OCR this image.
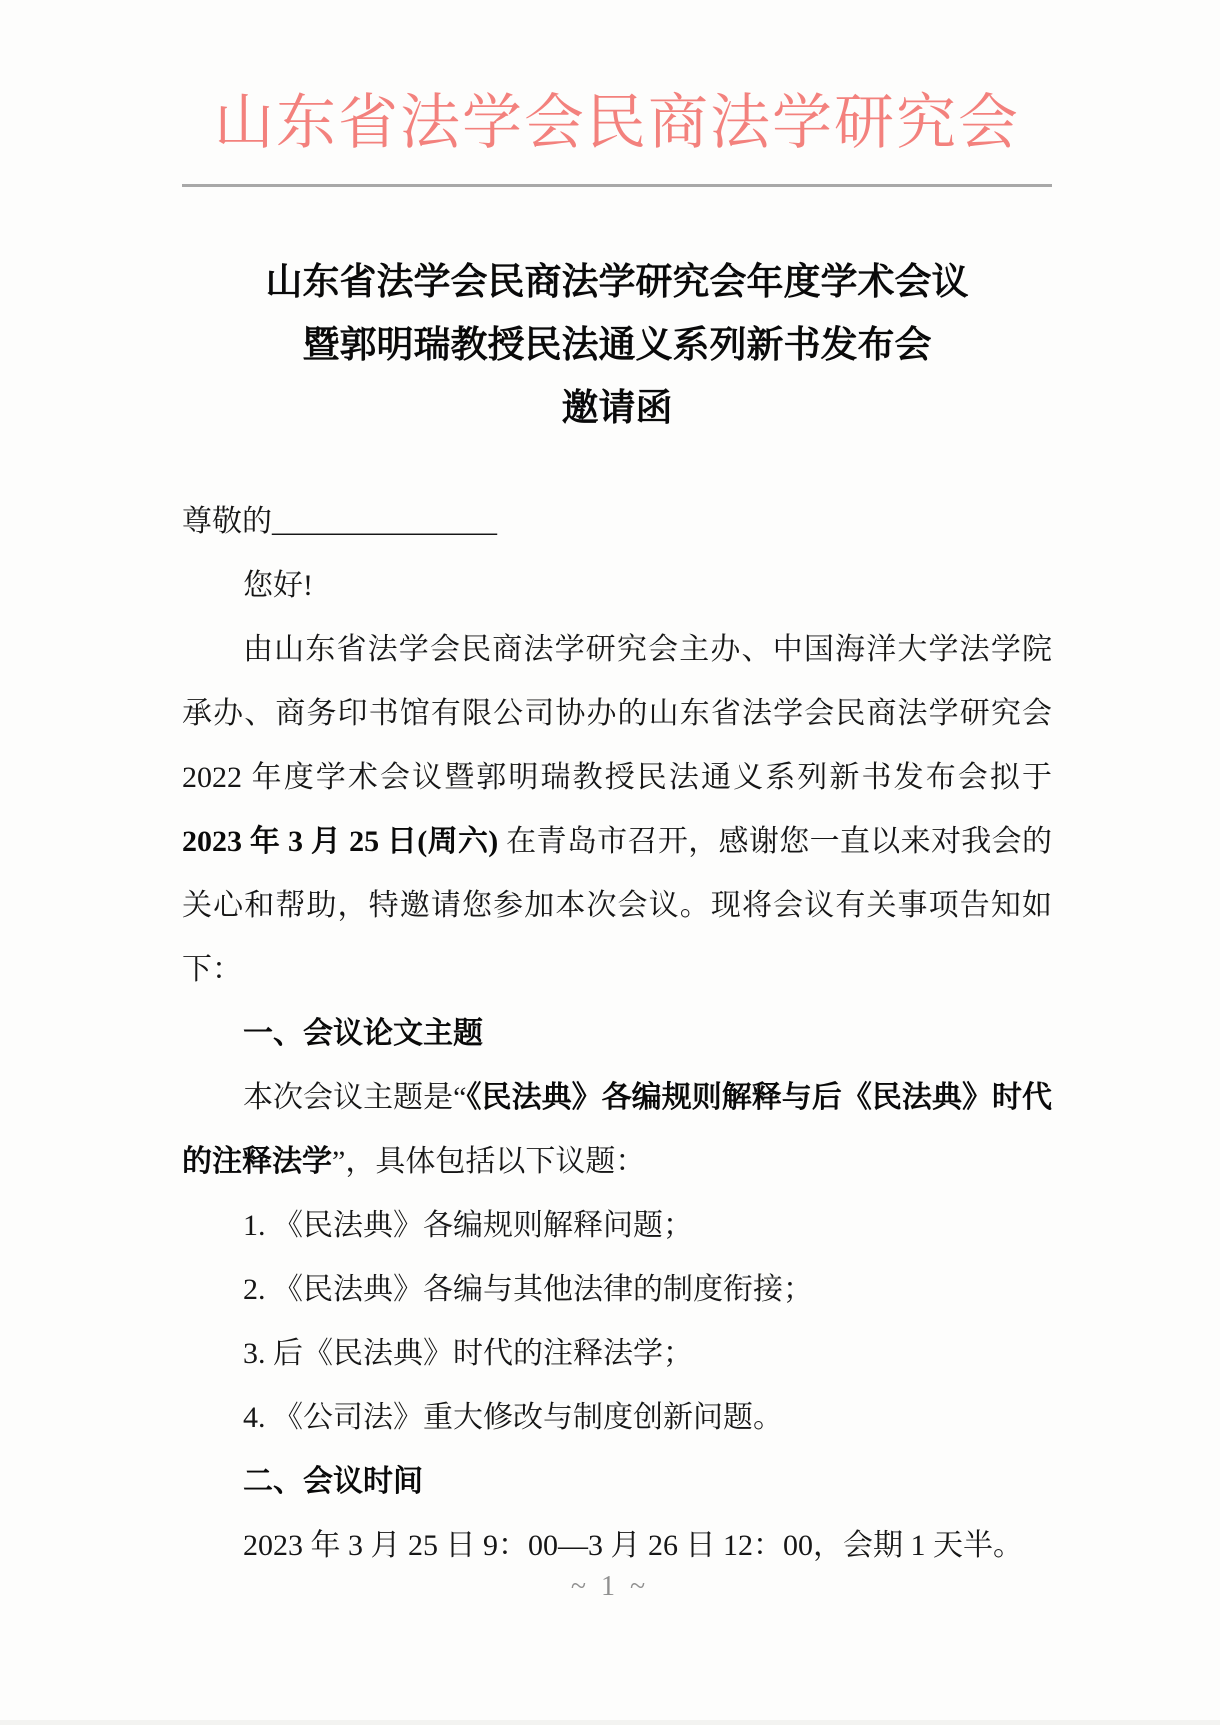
山东省法学会民商法学研究会
山东省法学会民商法学研究会年度学术会议
暨郭明瑞教授民法通义系列新书发布会
邀请函

尊敬的_______________

您好!

由山东省法学会民商法学研究会主办、中国海洋大学法学院承办、商务印书馆有限公司协办的山东省法学会民商法学研究会 2022 年度学术会议暨郭明瑞教授民法通义系列新书发布会拟于 2023 年 3 月 25 日(周六) 在青岛市召开，感谢您一直以来对我会的关心和帮助，特邀请您参加本次会议。现将会议有关事项告知如下：

一、会议论文主题

本次会议主题是“《民法典》各编规则解释与后《民法典》时代的注释法学”，具体包括以下议题：

1. 《民法典》各编规则解释问题；

2. 《民法典》各编与其他法律的制度衔接；

3. 后《民法典》时代的注释法学；

4. 《公司法》重大修改与制度创新问题。

二、会议时间

2023 年 3 月 25 日 9：00—3 月 26 日 12：00，会期 1 天半。

~ 1 ~
